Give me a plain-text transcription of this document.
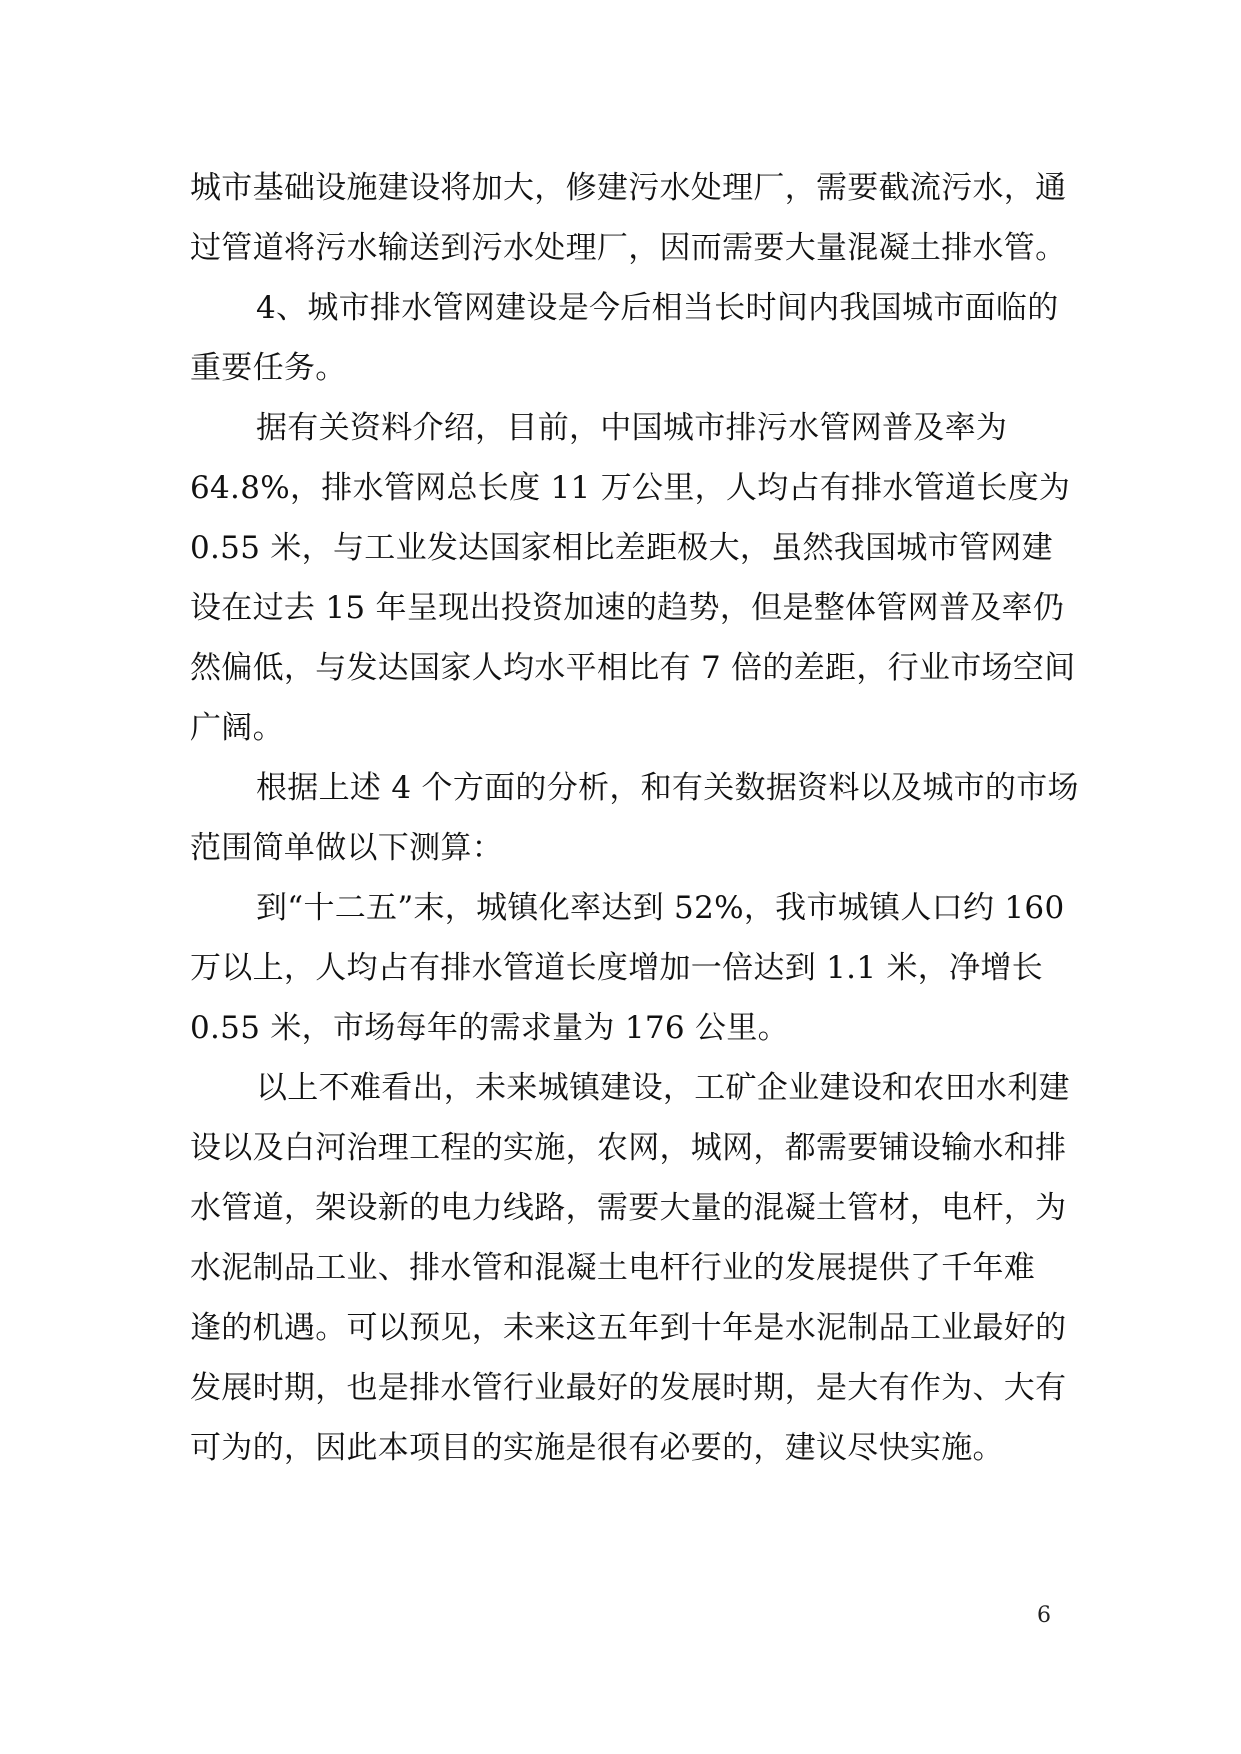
城市基础设施建设将加大，修建污水处理厂，需要截流污水，通
过管道将污水输送到污水处理厂，因而需要大量混凝土排水管。
4、城市排水管网建设是今后相当长时间内我国城市面临的
重要任务。
据有关资料介绍，目前，中国城市排污水管网普及率为
64.8%，排水管网总长度 11 万公里，人均占有排水管道长度为
0.55 米，与工业发达国家相比差距极大，虽然我国城市管网建
设在过去 15 年呈现出投资加速的趋势，但是整体管网普及率仍
然偏低，与发达国家人均水平相比有 7 倍的差距，行业市场空间
广阔。
根据上述 4 个方面的分析，和有关数据资料以及城市的市场
范围简单做以下测算：
到“十二五”末，城镇化率达到 52%，我市城镇人口约 160
万以上，人均占有排水管道长度增加一倍达到 1.1 米，净增长
0.55 米，市场每年的需求量为 176 公里。
以上不难看出，未来城镇建设，工矿企业建设和农田水利建
设以及白河治理工程的实施，农网，城网，都需要铺设输水和排
水管道，架设新的电力线路，需要大量的混凝土管材，电杆，为
水泥制品工业、排水管和混凝土电杆行业的发展提供了千年难
逢的机遇。可以预见，未来这五年到十年是水泥制品工业最好的
发展时期，也是排水管行业最好的发展时期，是大有作为、大有
可为的，因此本项目的实施是很有必要的，建议尽快实施。
6
